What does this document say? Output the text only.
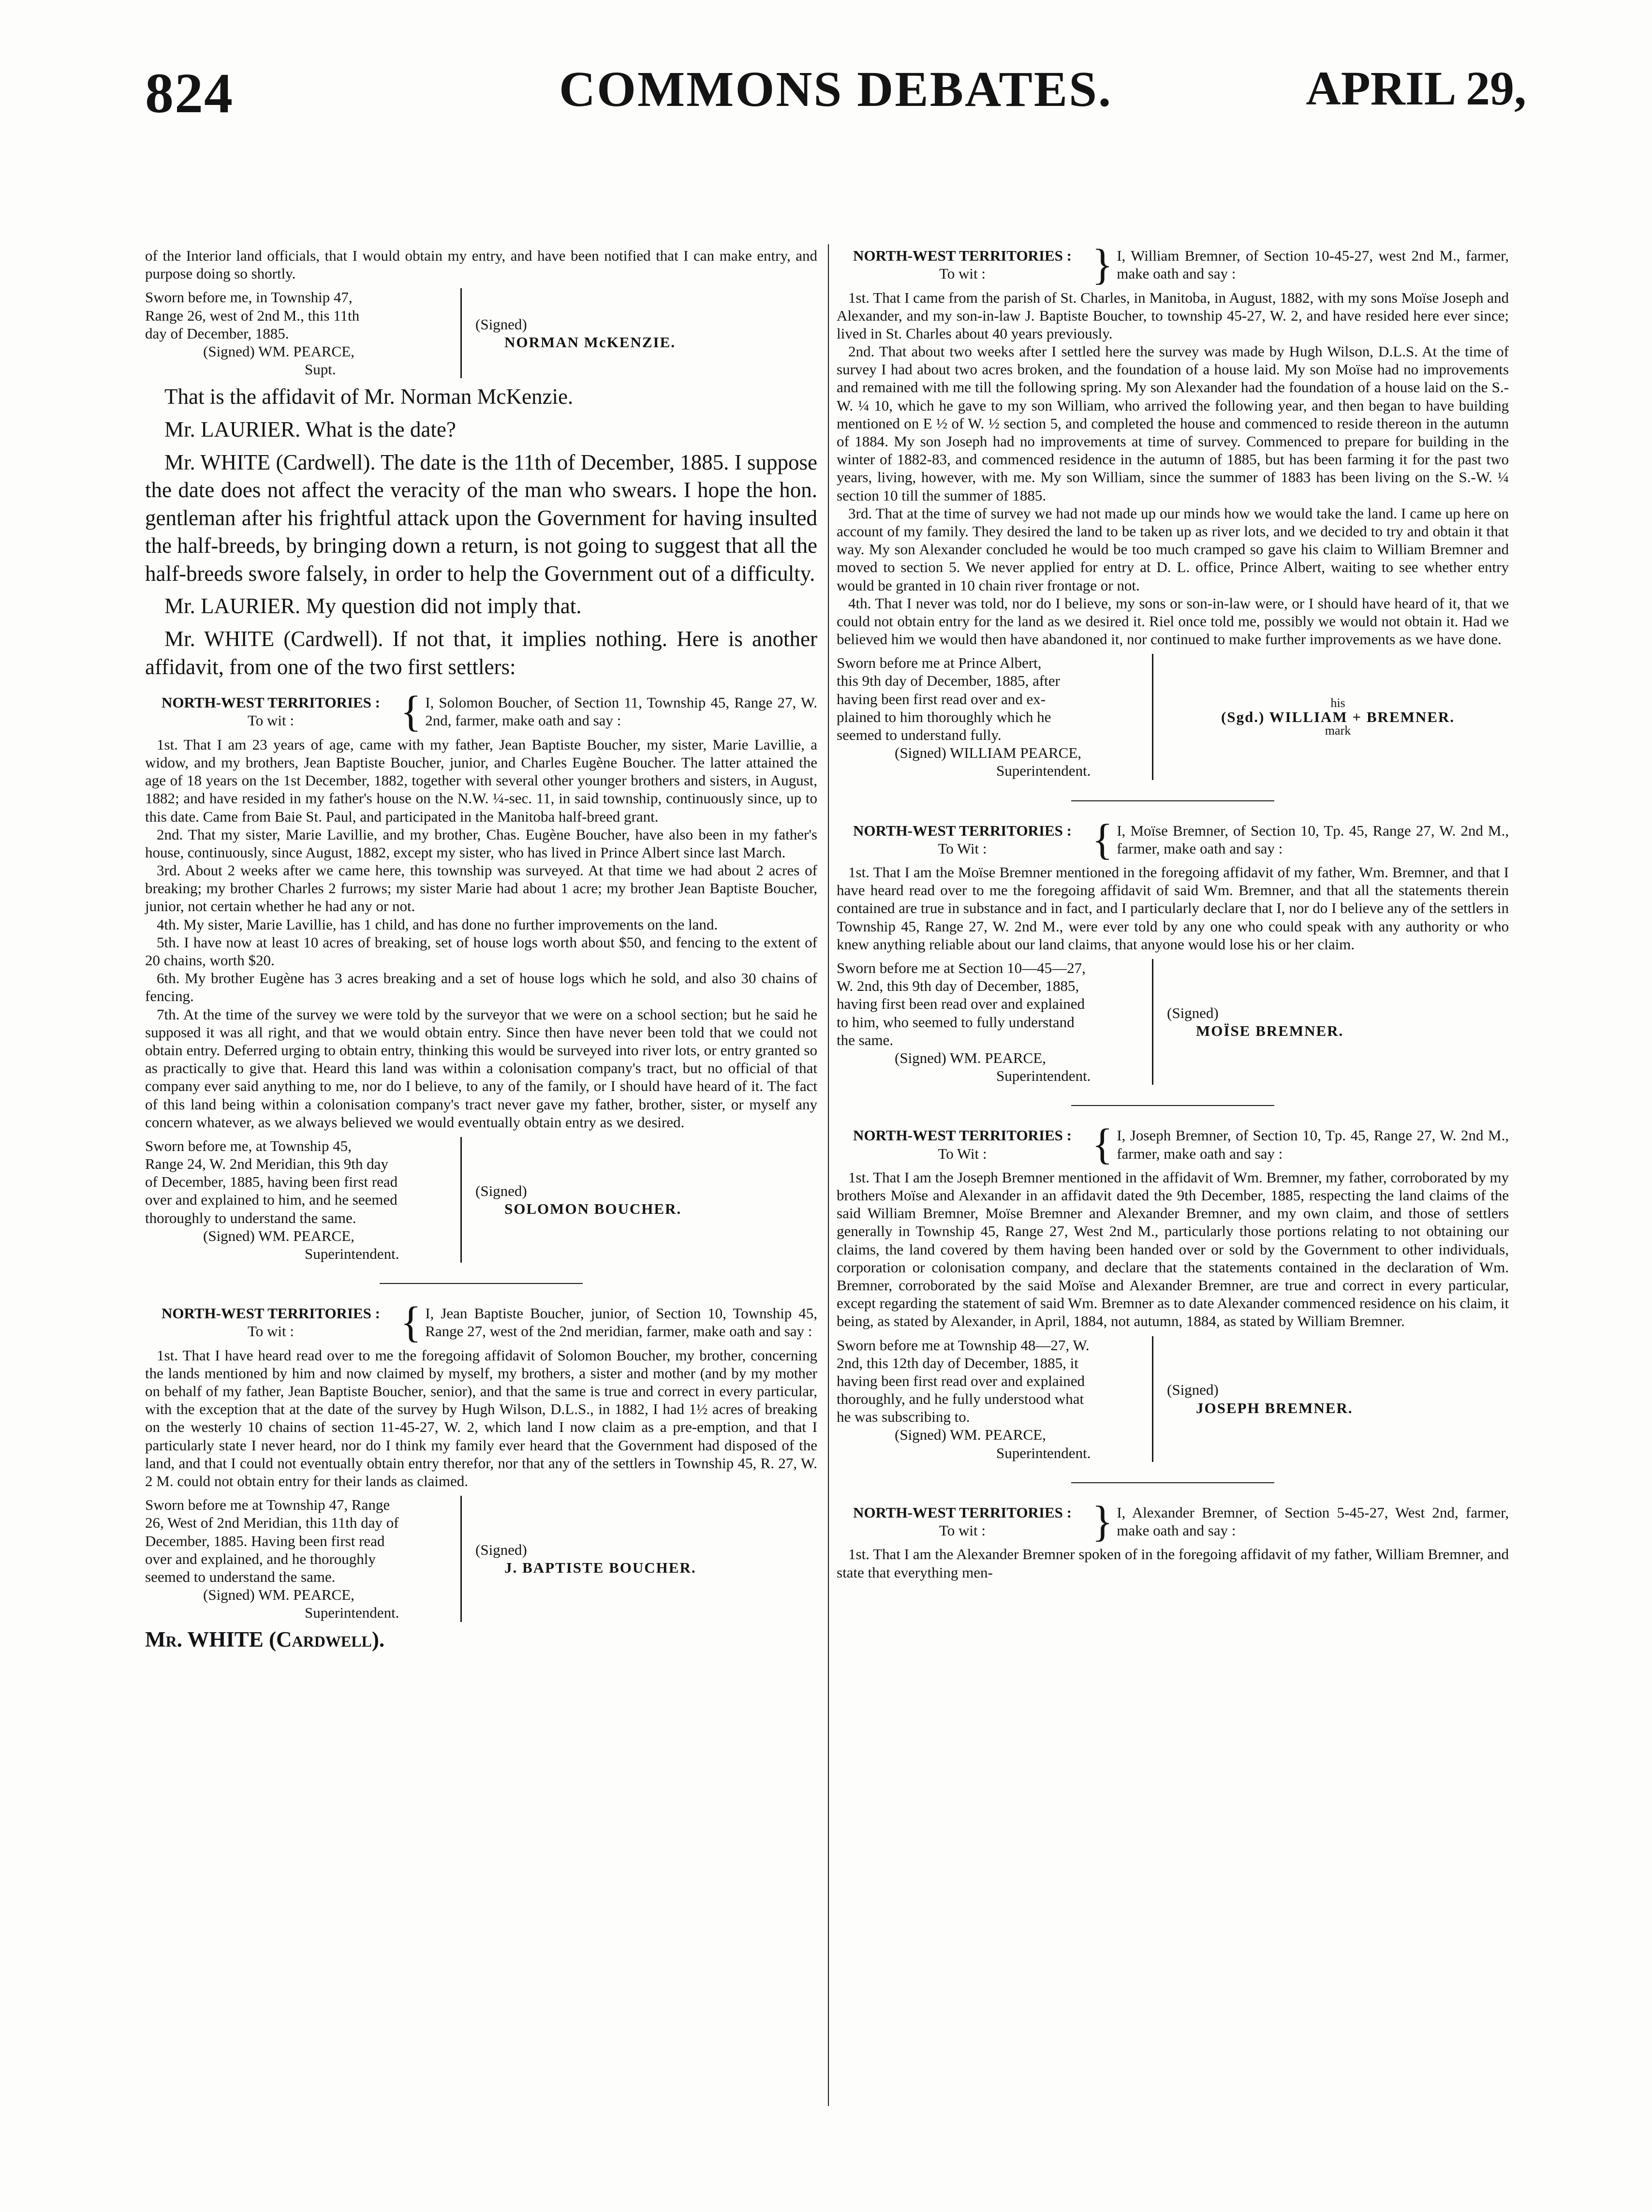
824	COMMONS DEBATES.	APRIL 29,

of the Interior land officials, that I would obtain my entry, and have been notified that I can make entry, and purpose doing so shortly.

Sworn before me, in Township 47,
Range 26, west of 2nd M., this 11th
day of December, 1885.
(Signed) WM. PEARCE,
Supt.
(Signed)
NORMAN McKENZIE.

That is the affidavit of Mr. Norman McKenzie.

Mr. LAURIER. What is the date?

Mr. WHITE (Cardwell). The date is the 11th of December, 1885. I suppose the date does not affect the veracity of the man who swears. I hope the hon. gentleman after his frightful attack upon the Government for having insulted the half-breeds, by bringing down a return, is not going to suggest that all the half-breeds swore falsely, in order to help the Government out of a difficulty.

Mr. LAURIER. My question did not imply that.

Mr. WHITE (Cardwell). If not that, it implies nothing. Here is another affidavit, from one of the two first settlers:

NORTH-WEST TERRITORIES :
To wit :	{ I, Solomon Boucher, of Section 11, Township 45, Range 27, W. 2nd, farmer, make oath and say :

1st. That I am 23 years of age, came with my father, Jean Baptiste Boucher, my sister, Marie Lavillie, a widow, and my brothers, Jean Baptiste Boucher, junior, and Charles Eugène Boucher. The latter attained the age of 18 years on the 1st December, 1882, together with several other younger brothers and sisters, in August, 1882; and have resided in my father's house on the N.W. ¼-sec. 11, in said township, continuously since, up to this date. Came from Baie St. Paul, and participated in the Manitoba half-breed grant.

2nd. That my sister, Marie Lavillie, and my brother, Chas. Eugène Boucher, have also been in my father's house, continuously, since August, 1882, except my sister, who has lived in Prince Albert since last March.

3rd. About 2 weeks after we came here, this township was surveyed. At that time we had about 2 acres of breaking; my brother Charles 2 furrows; my sister Marie had about 1 acre; my brother Jean Baptiste Boucher, junior, not certain whether he had any or not.

4th. My sister, Marie Lavillie, has 1 child, and has done no further improvements on the land.

5th. I have now at least 10 acres of breaking, set of house logs worth about $50, and fencing to the extent of 20 chains, worth $20.

6th. My brother Eugène has 3 acres breaking and a set of house logs which he sold, and also 30 chains of fencing.

7th. At the time of the survey we were told by the surveyor that we were on a school section; but he said he supposed it was all right, and that we would obtain entry. Since then have never been told that we could not obtain entry. Deferred urging to obtain entry, thinking this would be surveyed into river lots, or entry granted so as practically to give that. Heard this land was within a colonisation company's tract, but no official of that company ever said anything to me, nor do I believe, to any of the family, or I should have heard of it. The fact of this land being within a colonisation company's tract never gave my father, brother, sister, or myself any concern whatever, as we always believed we would eventually obtain entry as we desired.

Sworn before me, at Township 45,
Range 24, W. 2nd Meridian, this 9th day
of December, 1885, having been first read
over and explained to him, and he seemed
thoroughly to understand the same.
(Signed) WM. PEARCE,
Superintendent.
(Signed)
SOLOMON BOUCHER.
NORTH-WEST TERRITORIES :
To wit :	{ I, Jean Baptiste Boucher, junior, of Section 10, Township 45, Range 27, west of the 2nd meridian, farmer, make oath and say :

1st. That I have heard read over to me the foregoing affidavit of Solomon Boucher, my brother, concerning the lands mentioned by him and now claimed by myself, my brothers, a sister and mother (and by my mother on behalf of my father, Jean Baptiste Boucher, senior), and that the same is true and correct in every particular, with the exception that at the date of the survey by Hugh Wilson, D.L.S., in 1882, I had 1½ acres of breaking on the westerly 10 chains of section 11-45-27, W. 2, which land I now claim as a pre-emption, and that I particularly state I never heard, nor do I think my family ever heard that the Government had disposed of the land, and that I could not eventually obtain entry therefor, nor that any of the settlers in Township 45, R. 27, W. 2 M. could not obtain entry for their lands as claimed.

Sworn before me at Township 47, Range
26, West of 2nd Meridian, this 11th day of
December, 1885. Having been first read
over and explained, and he thoroughly
seemed to understand the same.
(Signed) WM. PEARCE,
Superintendent.
(Signed)
J. BAPTISTE BOUCHER.
Mr. WHITE (Cardwell).
NORTH-WEST TERRITORIES :
To wit :	} I, William Bremner, of Section 10-45-27, west 2nd M., farmer, make oath and say :

1st. That I came from the parish of St. Charles, in Manitoba, in August, 1882, with my sons Moïse Joseph and Alexander, and my son-in-law J. Baptiste Boucher, to township 45-27, W. 2, and have resided here ever since; lived in St. Charles about 40 years previously.

2nd. That about two weeks after I settled here the survey was made by Hugh Wilson, D.L.S. At the time of survey I had about two acres broken, and the foundation of a house laid. My son Moïse had no improvements and remained with me till the following spring. My son Alexander had the foundation of a house laid on the S.-W. ¼ 10, which he gave to my son William, who arrived the following year, and then began to have building mentioned on E ½ of W. ½ section 5, and completed the house and commenced to reside thereon in the autumn of 1884. My son Joseph had no improvements at time of survey. Commenced to prepare for building in the winter of 1882-83, and commenced residence in the autumn of 1885, but has been farming it for the past two years, living, however, with me. My son William, since the summer of 1883 has been living on the S.-W. ¼ section 10 till the summer of 1885.

3rd. That at the time of survey we had not made up our minds how we would take the land. I came up here on account of my family. They desired the land to be taken up as river lots, and we decided to try and obtain it that way. My son Alexander concluded he would be too much cramped so gave his claim to William Bremner and moved to section 5. We never applied for entry at D. L. office, Prince Albert, waiting to see whether entry would be granted in 10 chain river frontage or not.

4th. That I never was told, nor do I believe, my sons or son-in-law were, or I should have heard of it, that we could not obtain entry for the land as we desired it. Riel once told me, possibly we would not obtain it. Had we believed him we would then have abandoned it, nor continued to make further improvements as we have done.

Sworn before me at Prince Albert,
this 9th day of December, 1885, after
having been first read over and ex-
plained to him thoroughly which he
seemed to understand fully.
(Signed) WILLIAM PEARCE,
Superintendent.
his
(Sgd.) WILLIAM + BREMNER.
mark
NORTH-WEST TERRITORIES :
To Wit :	{ I, Moïse Bremner, of Section 10, Tp. 45, Range 27, W. 2nd M., farmer, make oath and say :

1st. That I am the Moïse Bremner mentioned in the foregoing affidavit of my father, Wm. Bremner, and that I have heard read over to me the foregoing affidavit of said Wm. Bremner, and that all the statements therein contained are true in substance and in fact, and I particularly declare that I, nor do I believe any of the settlers in Township 45, Range 27, W. 2nd M., were ever told by any one who could speak with any authority or who knew anything reliable about our land claims, that anyone would lose his or her claim.

Sworn before me at Section 10—45—27,
W. 2nd, this 9th day of December, 1885,
having first been read over and explained
to him, who seemed to fully understand
the same.
(Signed) WM. PEARCE,
Superintendent.
(Signed)
MOÏSE BREMNER.
NORTH-WEST TERRITORIES :
To Wit :	{ I, Joseph Bremner, of Section 10, Tp. 45, Range 27, W. 2nd M., farmer, make oath and say :

1st. That I am the Joseph Bremner mentioned in the affidavit of Wm. Bremner, my father, corroborated by my brothers Moïse and Alexander in an affidavit dated the 9th December, 1885, respecting the land claims of the said William Bremner, Moïse Bremner and Alexander Bremner, and my own claim, and those of settlers generally in Township 45, Range 27, West 2nd M., particularly those portions relating to not obtaining our claims, the land covered by them having been handed over or sold by the Government to other individuals, corporation or colonisation company, and declare that the statements contained in the declaration of Wm. Bremner, corroborated by the said Moïse and Alexander Bremner, are true and correct in every particular, except regarding the statement of said Wm. Bremner as to date Alexander commenced residence on his claim, it being, as stated by Alexander, in April, 1884, not autumn, 1884, as stated by William Bremner.

Sworn before me at Township 48—27, W.
2nd, this 12th day of December, 1885, it
having been first read over and explained
thoroughly, and he fully understood what
he was subscribing to.
(Signed) WM. PEARCE,
Superintendent.
(Signed)
JOSEPH BREMNER.
NORTH-WEST TERRITORIES :
To wit :	} I, Alexander Bremner, of Section 5-45-27, West 2nd, farmer, make oath and say :

1st. That I am the Alexander Bremner spoken of in the foregoing affidavit of my father, William Bremner, and state that everything men-
